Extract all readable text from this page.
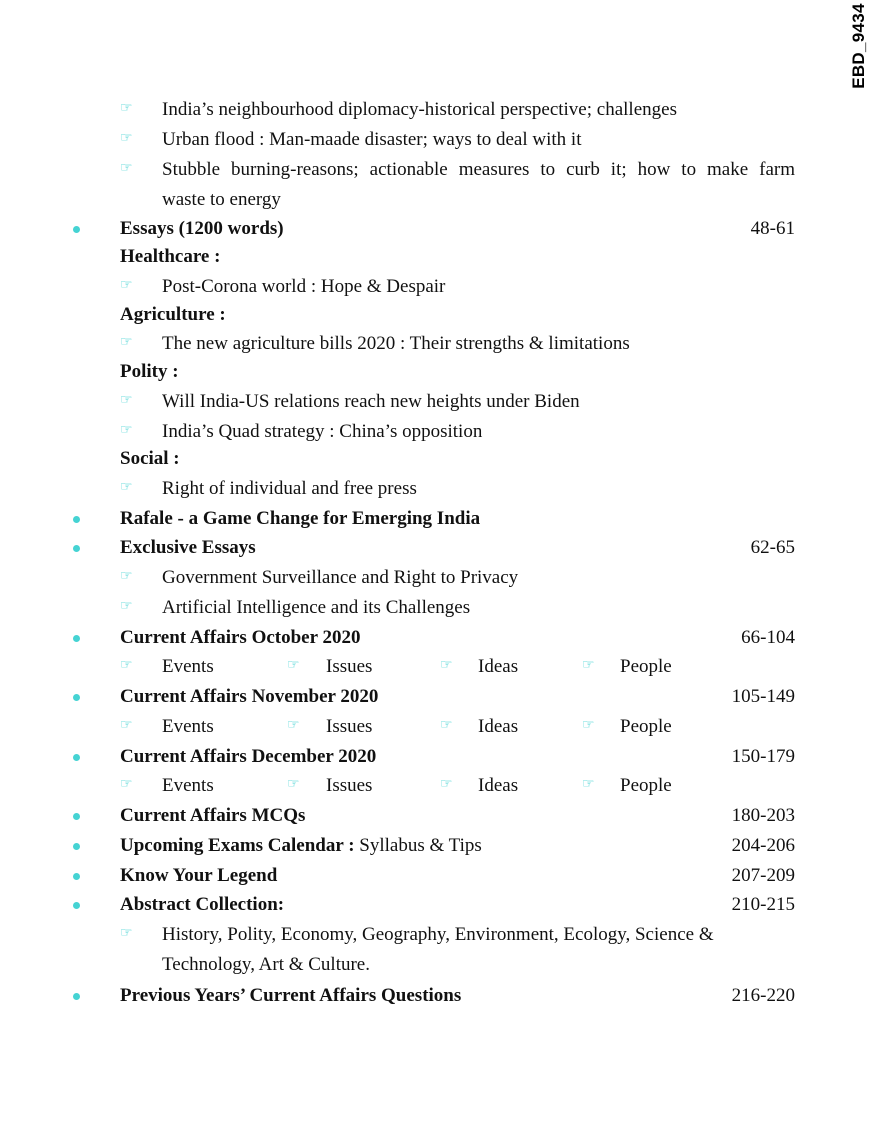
EBD_9434
☞ India’s neighbourhood diplomacy-historical perspective; challenges
☞ Urban flood : Man-maade disaster; ways to deal with it
☞ Stubble burning-reasons; actionable measures to curb it; how to make farm
waste to energy
Essays (1200 words)	48-61
Healthcare :
☞ Post-Corona world : Hope & Despair
Agriculture :
☞ The new agriculture bills 2020 : Their strengths & limitations
Polity :
☞ Will India-US relations reach new heights under Biden
☞ India’s Quad strategy : China’s opposition
Social :
☞ Right of individual and free press
Rafale - a Game Change for Emerging India
Exclusive Essays	62-65
☞ Government Surveillance and Right to Privacy
☞ Artificial Intelligence and its Challenges
Current Affairs October 2020	66-104
☞ Events	☞ Issues	☞ Ideas	☞ People
Current Affairs November 2020	105-149
☞ Events	☞ Issues	☞ Ideas	☞ People
Current Affairs December 2020	150-179
☞ Events	☞ Issues	☞ Ideas	☞ People
Current Affairs MCQs	180-203
Upcoming Exams Calendar : Syllabus & Tips	204-206
Know Your Legend	207-209
Abstract Collection:	210-215
☞ History, Polity, Economy, Geography, Environment, Ecology, Science &
Technology, Art & Culture.
Previous Years’ Current Affairs Questions	216-220
